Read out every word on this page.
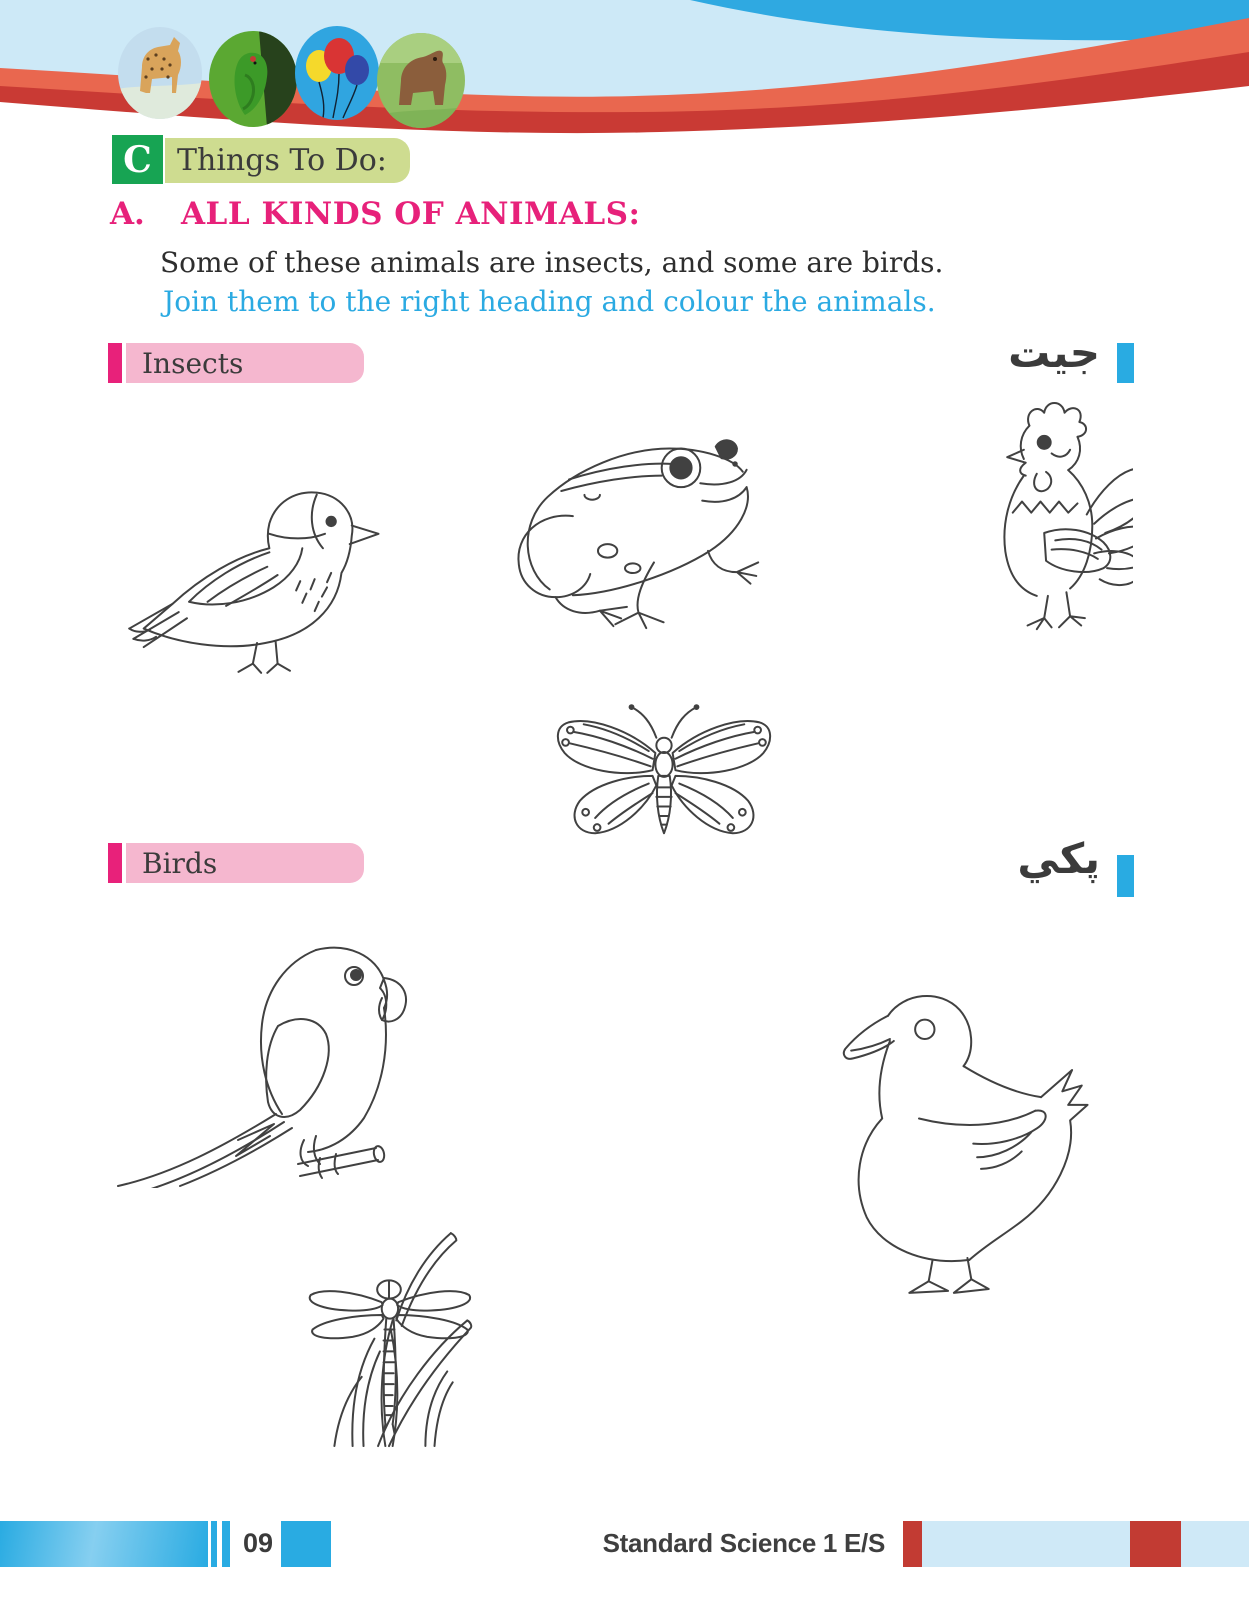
C Things To Do:
A. ALL KINDS OF ANIMALS:
Some of these animals are insects, and some are birds.
Join them to the right heading and colour the animals.
Insects	جيت
Birds	پکي
09	Standard Science 1 E/S
